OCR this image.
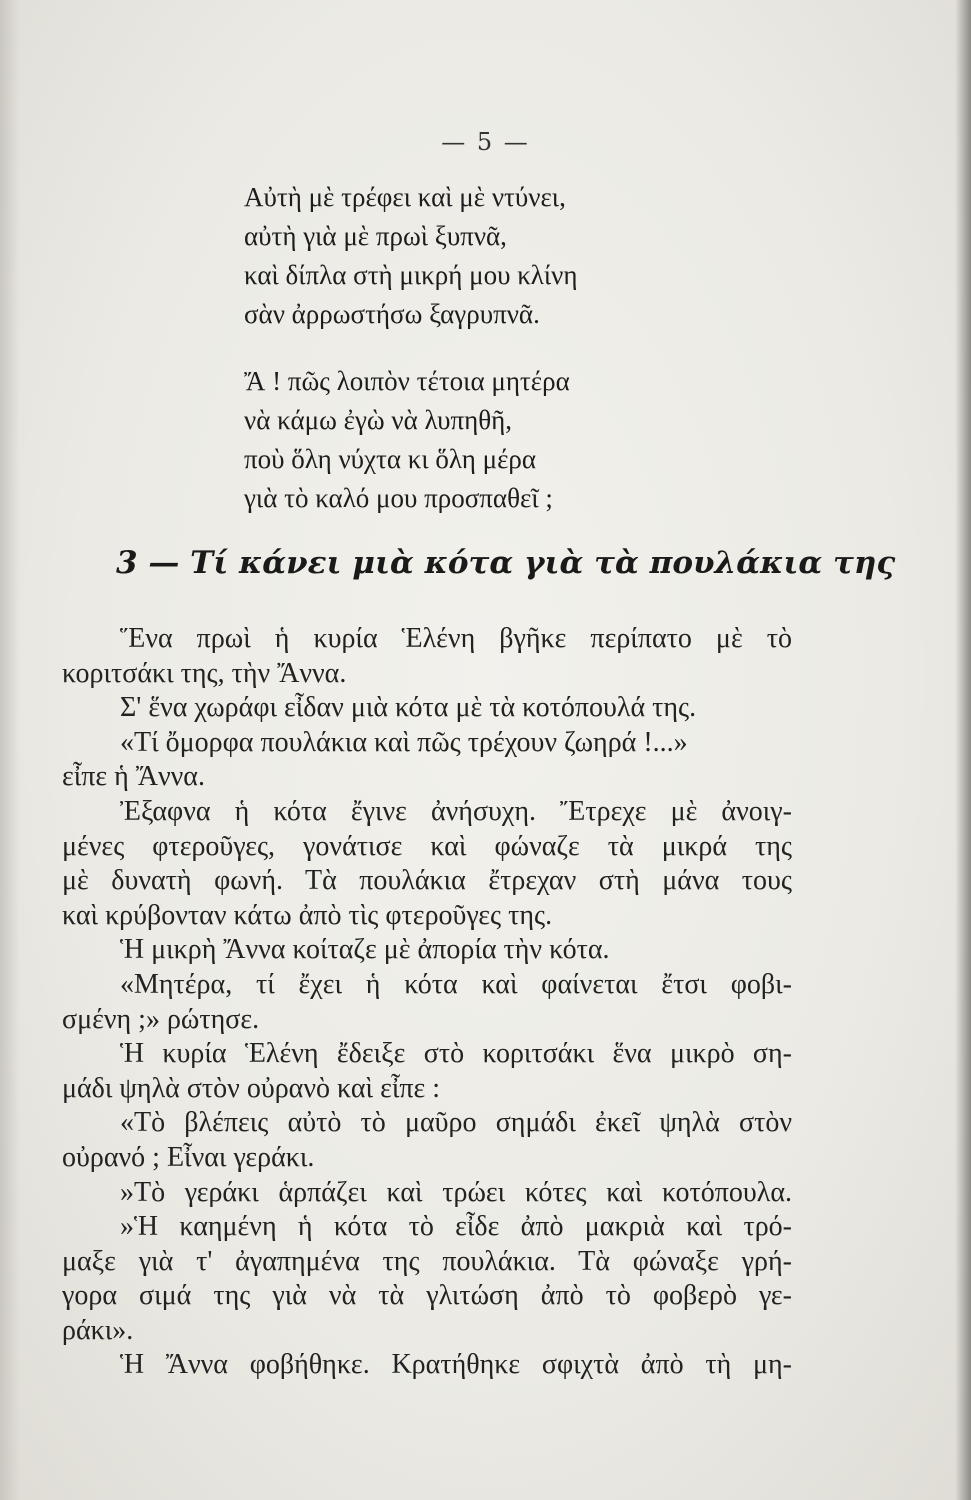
— 5 —
Αὐτὴ μὲ τρέφει καὶ μὲ ντύνει,
αὐτὴ γιὰ μὲ πρωὶ ξυπνᾶ,
καὶ δίπλα στὴ μικρή μου κλίνη
σὰν ἀρρωστήσω ξαγρυπνᾶ.
Ἄ ! πῶς λοιπὸν τέτοια μητέρα
νὰ κάμω ἐγὼ νὰ λυπηθῆ,
ποὺ ὅλη νύχτα κι ὅλη μέρα
γιὰ τὸ καλό μου προσπαθεῖ ;
3 — Τί κάνει μιὰ κότα γιὰ τὰ πουλάκια της
Ἕνα πρωὶ ἡ κυρία Ἑλένη βγῆκε περίπατο μὲ τὸ
κοριτσάκι της, τὴν Ἄννα.
Σ' ἕνα χωράφι εἶδαν μιὰ κότα μὲ τὰ κοτόπουλά της.
«Τί ὄμορφα πουλάκια καὶ πῶς τρέχουν ζωηρά !...»
εἶπε ἡ Ἄννα.
Ἐξαφνα ἡ κότα ἔγινε ἀνήσυχη. Ἔτρεχε μὲ ἀνοιγ-
μένες φτεροῦγες, γονάτισε καὶ φώναζε τὰ μικρά της
μὲ δυνατὴ φωνή. Τὰ πουλάκια ἔτρεχαν στὴ μάνα τους
καὶ κρύβονταν κάτω ἀπὸ τὶς φτεροῦγες της.
Ἡ μικρὴ Ἄννα κοίταζε μὲ ἀπορία τὴν κότα.
«Μητέρα, τί ἔχει ἡ κότα καὶ φαίνεται ἔτσι φοβι-
σμένη ;» ρώτησε.
Ἡ κυρία Ἑλένη ἔδειξε στὸ κοριτσάκι ἕνα μικρὸ ση-
μάδι ψηλὰ στὸν οὐρανὸ καὶ εἶπε :
«Τὸ βλέπεις αὐτὸ τὸ μαῦρο σημάδι ἐκεῖ ψηλὰ στὸν
οὐρανό ; Εἶναι γεράκι.
»Τὸ γεράκι ἁρπάζει καὶ τρώει κότες καὶ κοτόπουλα.
»Ἡ καημένη ἡ κότα τὸ εἶδε ἀπὸ μακριὰ καὶ τρό-
μαξε γιὰ τ' ἀγαπημένα της πουλάκια. Τὰ φώναξε γρή-
γορα σιμά της γιὰ νὰ τὰ γλιτώση ἀπὸ τὸ φοβερὸ γε-
ράκι».
Ἡ Ἄννα φοβήθηκε. Κρατήθηκε σφιχτὰ ἀπὸ τὴ μη-
